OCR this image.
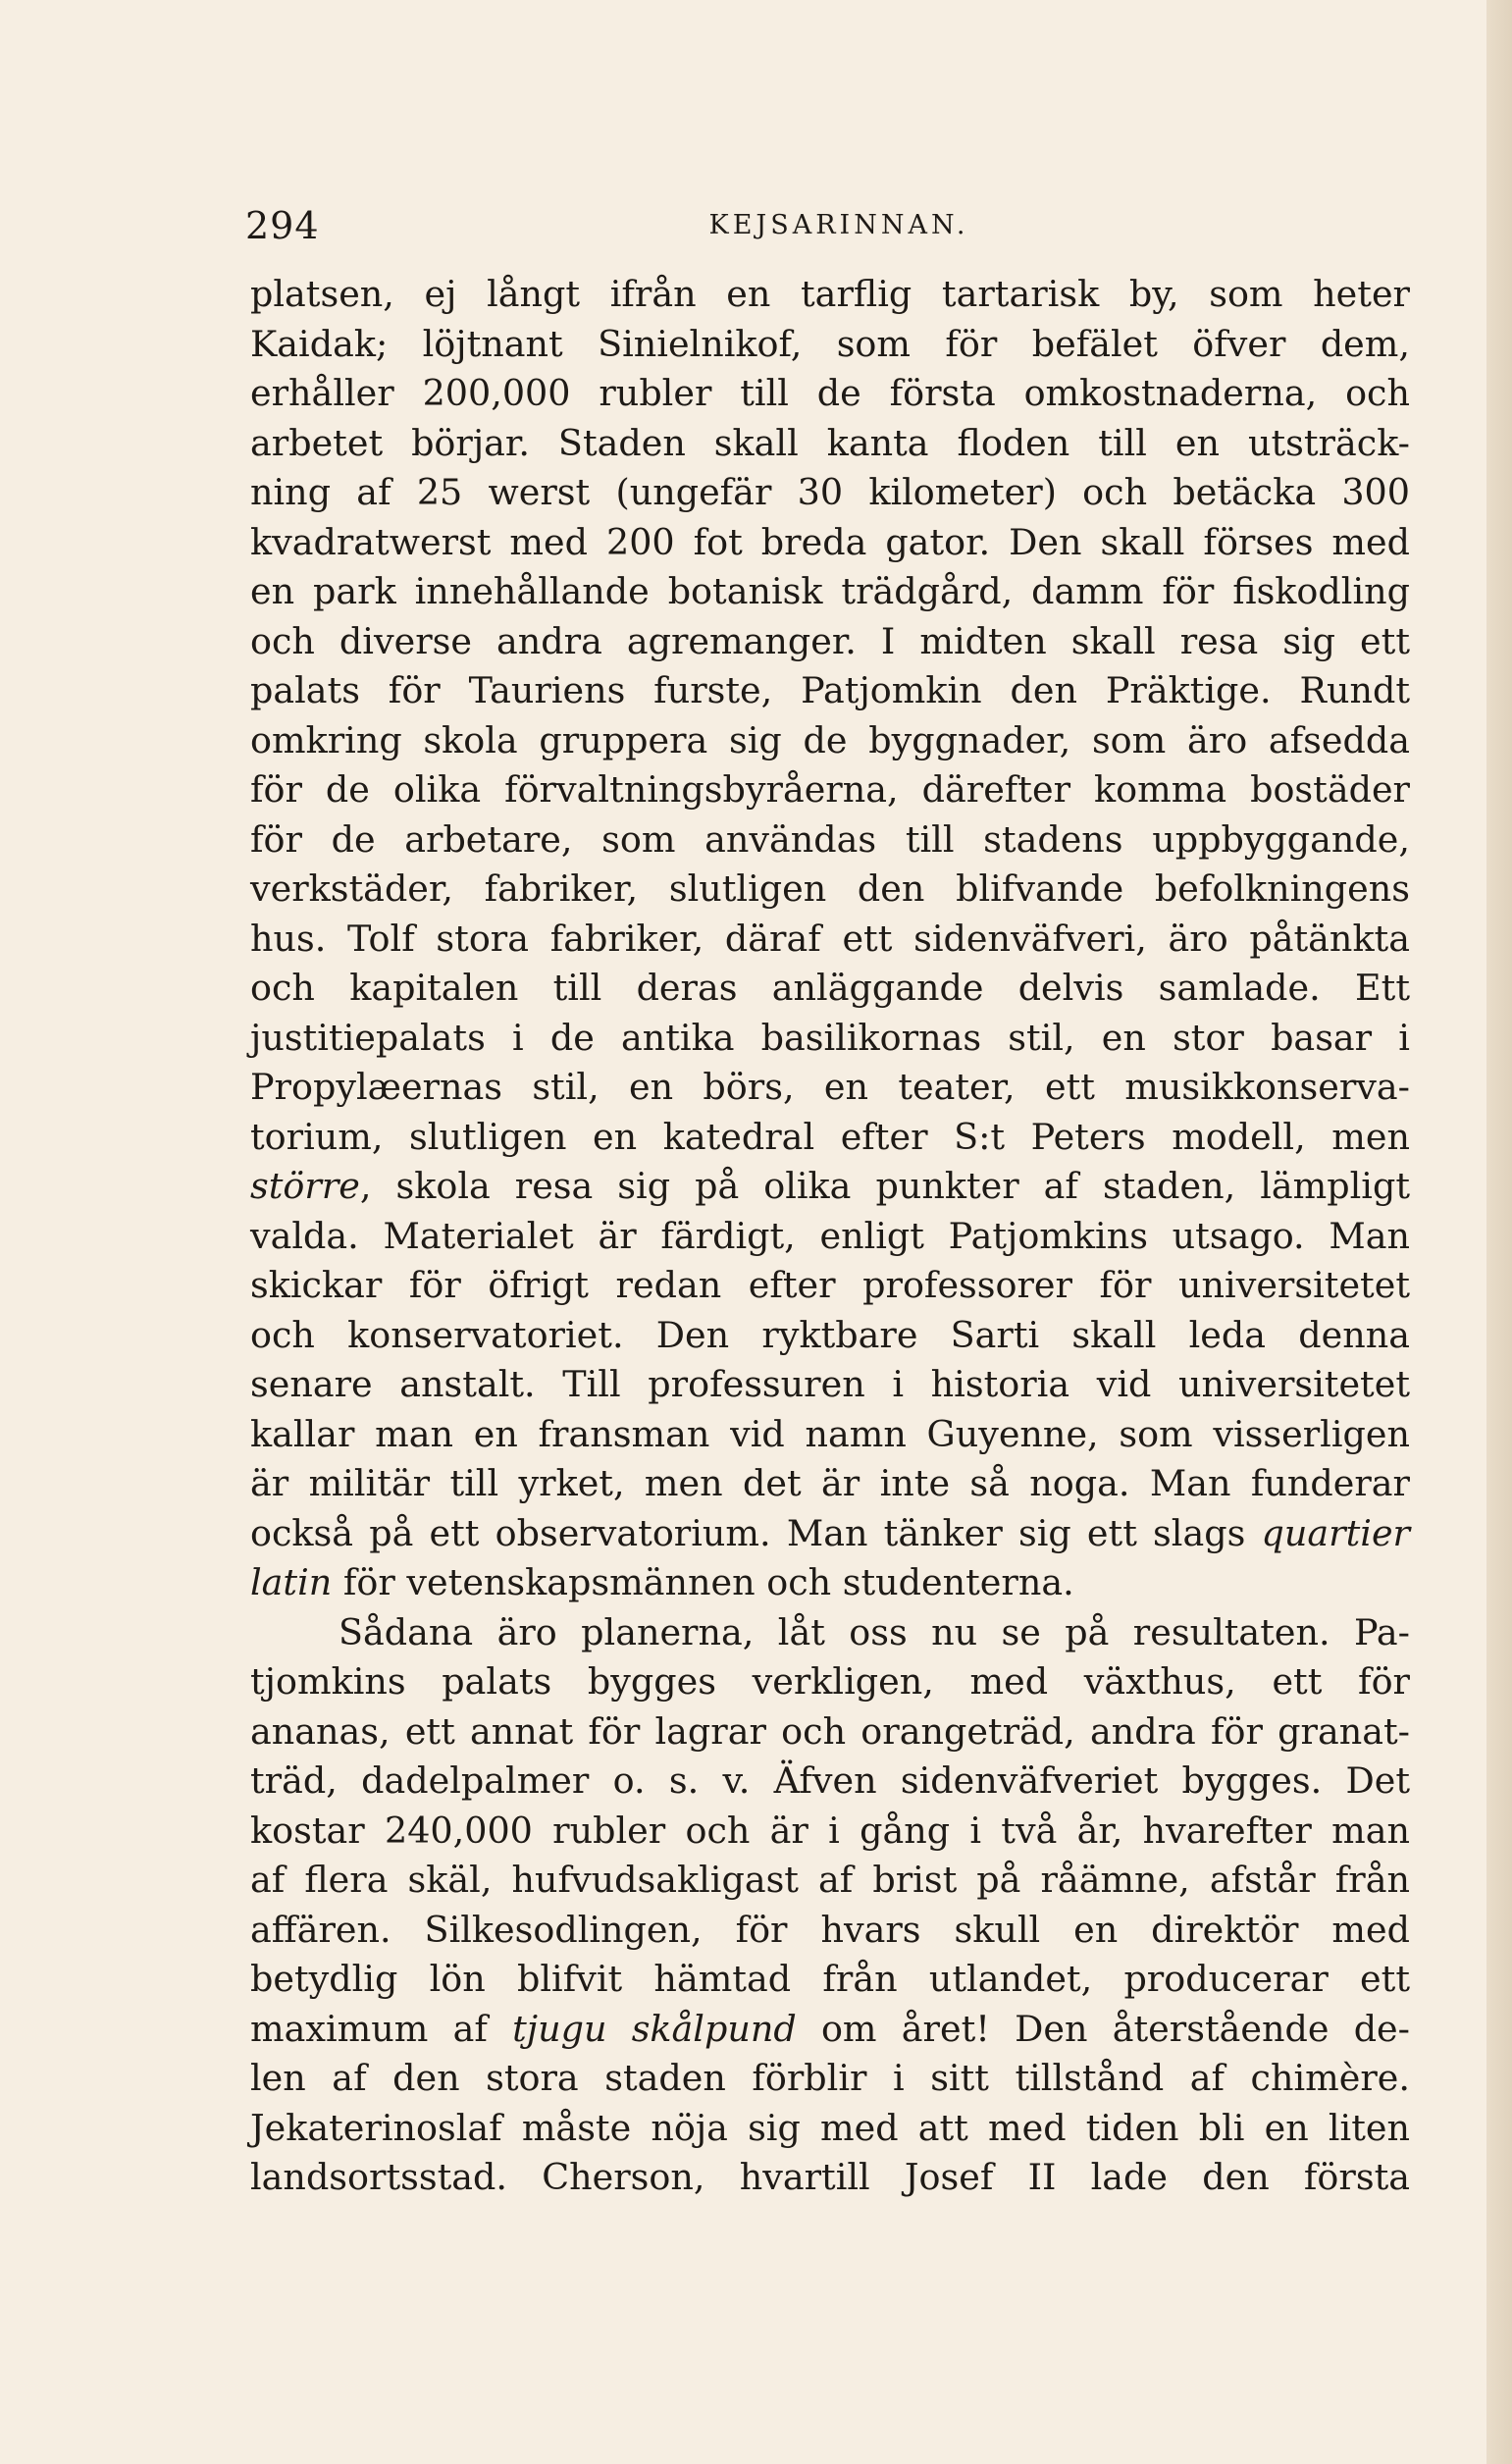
294	KEJSARINNAN.
platsen, ej långt ifrån en tarflig tartarisk by, som heter
Kaidak; löjtnant Sinielnikof, som för befälet öfver dem,
erhåller 200,000 rubler till de första omkostnaderna, och
arbetet börjar. Staden skall kanta floden till en utsträck-
ning af 25 werst (ungefär 30 kilometer) och betäcka 300
kvadratwerst med 200 fot breda gator. Den skall förses med
en park innehållande botanisk trädgård, damm för fiskodling
och diverse andra agremanger. I midten skall resa sig ett
palats för Tauriens furste, Patjomkin den Präktige. Rundt
omkring skola gruppera sig de byggnader, som äro afsedda
för de olika förvaltningsbyråerna, därefter komma bostäder
för de arbetare, som användas till stadens uppbyggande,
verkstäder, fabriker, slutligen den blifvande befolkningens
hus. Tolf stora fabriker, däraf ett sidenväfveri, äro påtänkta
och kapitalen till deras anläggande delvis samlade. Ett
justitiepalats i de antika basilikornas stil, en stor basar i
Propylæernas stil, en börs, en teater, ett musikkonserva-
torium, slutligen en katedral efter S:t Peters modell, men
större, skola resa sig på olika punkter af staden, lämpligt
valda. Materialet är färdigt, enligt Patjomkins utsago. Man
skickar för öfrigt redan efter professorer för universitetet
och konservatoriet. Den ryktbare Sarti skall leda denna
senare anstalt. Till professuren i historia vid universitetet
kallar man en fransman vid namn Guyenne, som visserligen
är militär till yrket, men det är inte så noga. Man funderar
också på ett observatorium. Man tänker sig ett slags quartier
latin för vetenskapsmännen och studenterna.
Sådana äro planerna, låt oss nu se på resultaten. Pa-
tjomkins palats bygges verkligen, med växthus, ett för
ananas, ett annat för lagrar och orangeträd, andra för granat-
träd, dadelpalmer o. s. v. Äfven sidenväfveriet bygges. Det
kostar 240,000 rubler och är i gång i två år, hvarefter man
af flera skäl, hufvudsakligast af brist på råämne, afstår från
affären. Silkesodlingen, för hvars skull en direktör med
betydlig lön blifvit hämtad från utlandet, producerar ett
maximum af tjugu skålpund om året! Den återstående de-
len af den stora staden förblir i sitt tillstånd af chimère.
Jekaterinoslaf måste nöja sig med att med tiden bli en liten
landsortsstad. Cherson, hvartill Josef II lade den första
